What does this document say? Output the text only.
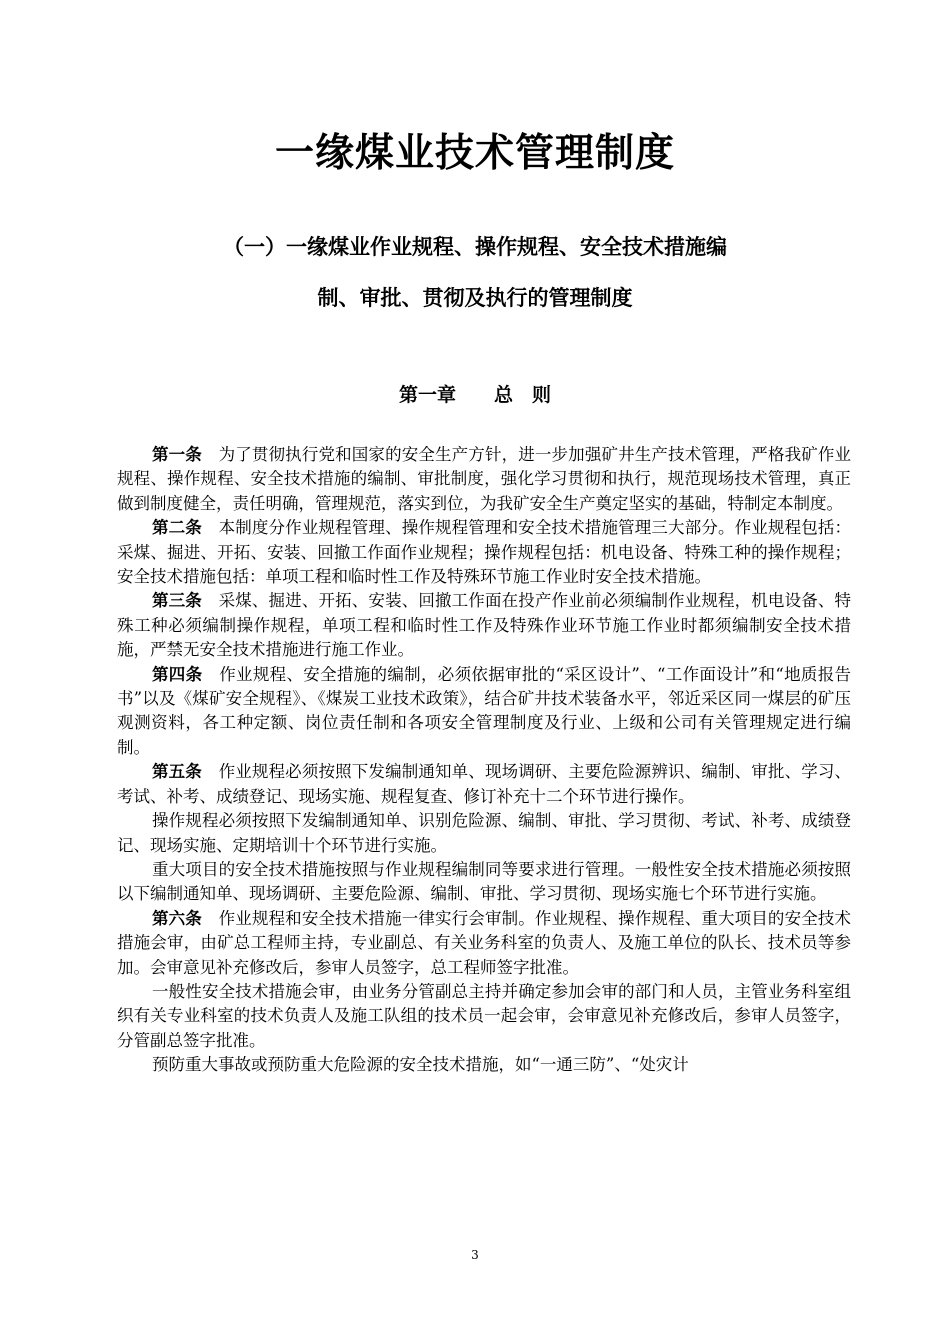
一缘煤业技术管理制度
（一）一缘煤业作业规程、操作规程、安全技术措施编
制、审批、贯彻及执行的管理制度
第一章　　总　则

第一条　为了贯彻执行党和国家的安全生产方针，进一步加强矿井生产技术管理，严格我矿作业规程、操作规程、安全技术措施的编制、审批制度，强化学习贯彻和执行，规范现场技术管理，真正做到制度健全，责任明确，管理规范，落实到位，为我矿安全生产奠定坚实的基础，特制定本制度。

第二条　本制度分作业规程管理、操作规程管理和安全技术措施管理三大部分。作业规程包括：采煤、掘进、开拓、安装、回撤工作面作业规程；操作规程包括：机电设备、特殊工种的操作规程；安全技术措施包括：单项工程和临时性工作及特殊环节施工作业时安全技术措施。

第三条　采煤、掘进、开拓、安装、回撤工作面在投产作业前必须编制作业规程，机电设备、特殊工种必须编制操作规程，单项工程和临时性工作及特殊作业环节施工作业时都须编制安全技术措施，严禁无安全技术措施进行施工作业。

第四条　作业规程、安全措施的编制，必须依据审批的“采区设计”、“工作面设计”和“地质报告书”以及《煤矿安全规程》、《煤炭工业技术政策》，结合矿井技术装备水平，邻近采区同一煤层的矿压观测资料，各工种定额、岗位责任制和各项安全管理制度及行业、上级和公司有关管理规定进行编制。

第五条　作业规程必须按照下发编制通知单、现场调研、主要危险源辨识、编制、审批、学习、考试、补考、成绩登记、现场实施、规程复查、修订补充十二个环节进行操作。

操作规程必须按照下发编制通知单、识别危险源、编制、审批、学习贯彻、考试、补考、成绩登记、现场实施、定期培训十个环节进行实施。

重大项目的安全技术措施按照与作业规程编制同等要求进行管理。一般性安全技术措施必须按照以下编制通知单、现场调研、主要危险源、编制、审批、学习贯彻、现场实施七个环节进行实施。

第六条　作业规程和安全技术措施一律实行会审制。作业规程、操作规程、重大项目的安全技术措施会审，由矿总工程师主持，专业副总、有关业务科室的负责人、及施工单位的队长、技术员等参加。会审意见补充修改后，参审人员签字，总工程师签字批准。

一般性安全技术措施会审，由业务分管副总主持并确定参加会审的部门和人员，主管业务科室组织有关专业科室的技术负责人及施工队组的技术员一起会审，会审意见补充修改后，参审人员签字，分管副总签字批准。

预防重大事故或预防重大危险源的安全技术措施，如“一通三防”、“处灾计

3
